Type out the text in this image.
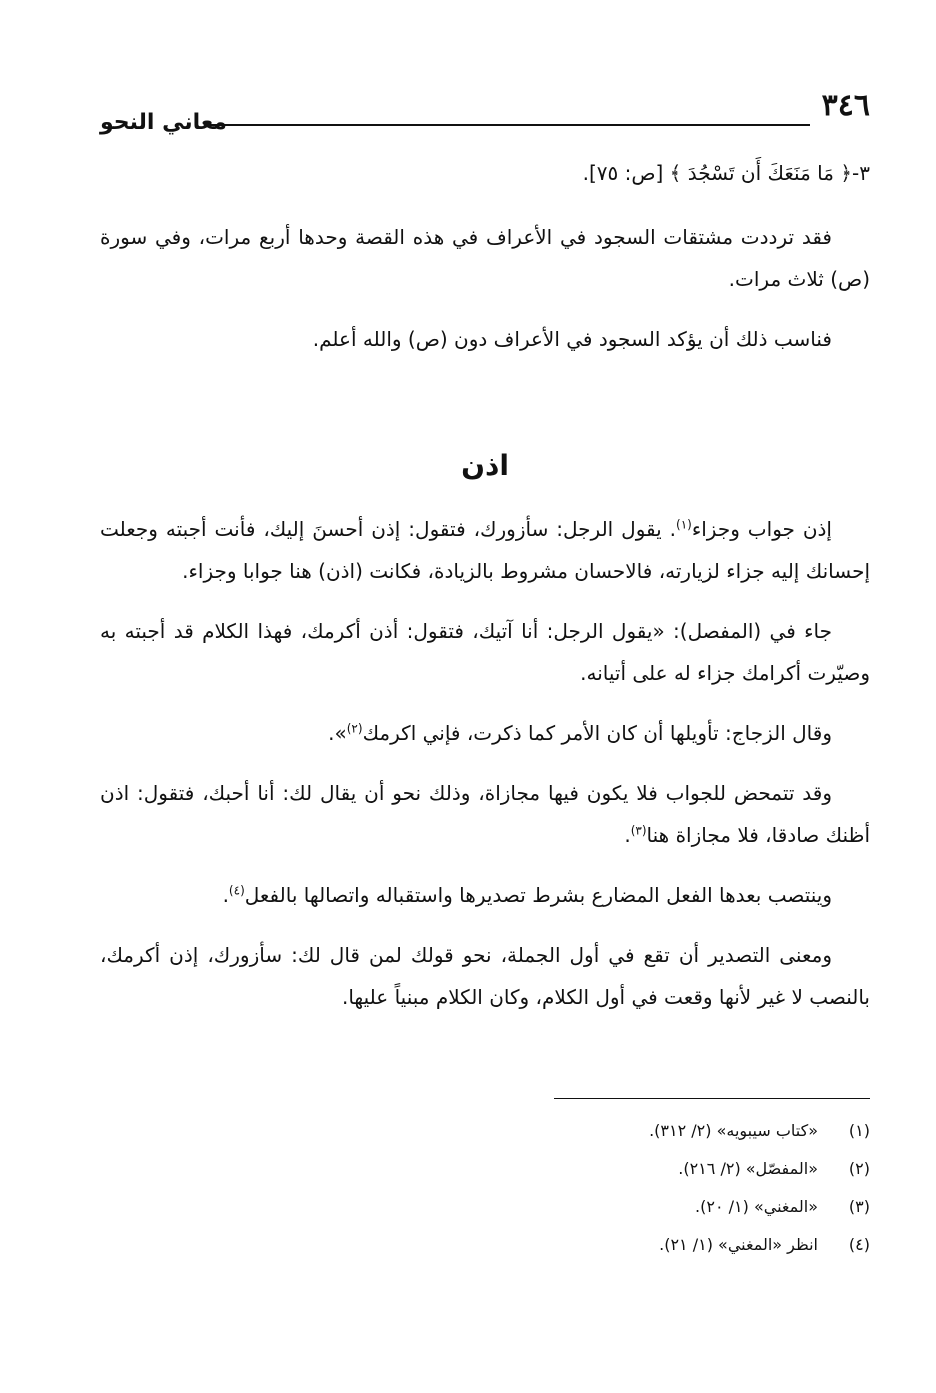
٣٤٦
معاني النحو

٣-﴿ مَا مَنَعَكَ أَن تَسْجُدَ ﴾ [ص: ٧٥].

فقد ترددت مشتقات السجود في الأعراف في هذه القصة وحدها أربع مرات، وفي سورة (ص) ثلاث مرات.

فناسب ذلك أن يؤكد السجود في الأعراف دون (ص) والله أعلم.

اذن

إذن جواب وجزاء$^{(١)}$. يقول الرجل: سأزورك، فتقول: إذن أحسنَ إليك، فأنت أجبته وجعلت إحسانك إليه جزاء لزيارته، فالاحسان مشروط بالزيادة، فكانت (اذن) هنا جوابا وجزاء.

جاء في (المفصل): «يقول الرجل: أنا آتيك، فتقول: أذن أكرمك، فهذا الكلام قد أجبته به وصيّرت أكرامك جزاء له على أتيانه.

وقال الزجاج: تأويلها أن كان الأمر كما ذكرت، فإني اكرمك$^{(٢)}$».

وقد تتمحض للجواب فلا يكون فيها مجازاة، وذلك نحو أن يقال لك: أنا أحبك، فتقول: اذن أظنك صادقا، فلا مجازاة هنا$^{(٣)}$.

وينتصب بعدها الفعل المضارع بشرط تصديرها واستقباله واتصالها بالفعل$^{(٤)}$.

ومعنى التصدير أن تقع في أول الجملة، نحو قولك لمن قال لك: سأزورك، إذن أكرمك، بالنصب لا غير لأنها وقعت في أول الكلام، وكان الكلام مبنياً عليها.

(١)«كتاب سيبويه» (٢/ ٣١٢).
(٢)«المفصّل» (٢/ ٢١٦).
(٣)«المغني» (١/ ٢٠).
(٤)انظر «المغني» (١/ ٢١).
